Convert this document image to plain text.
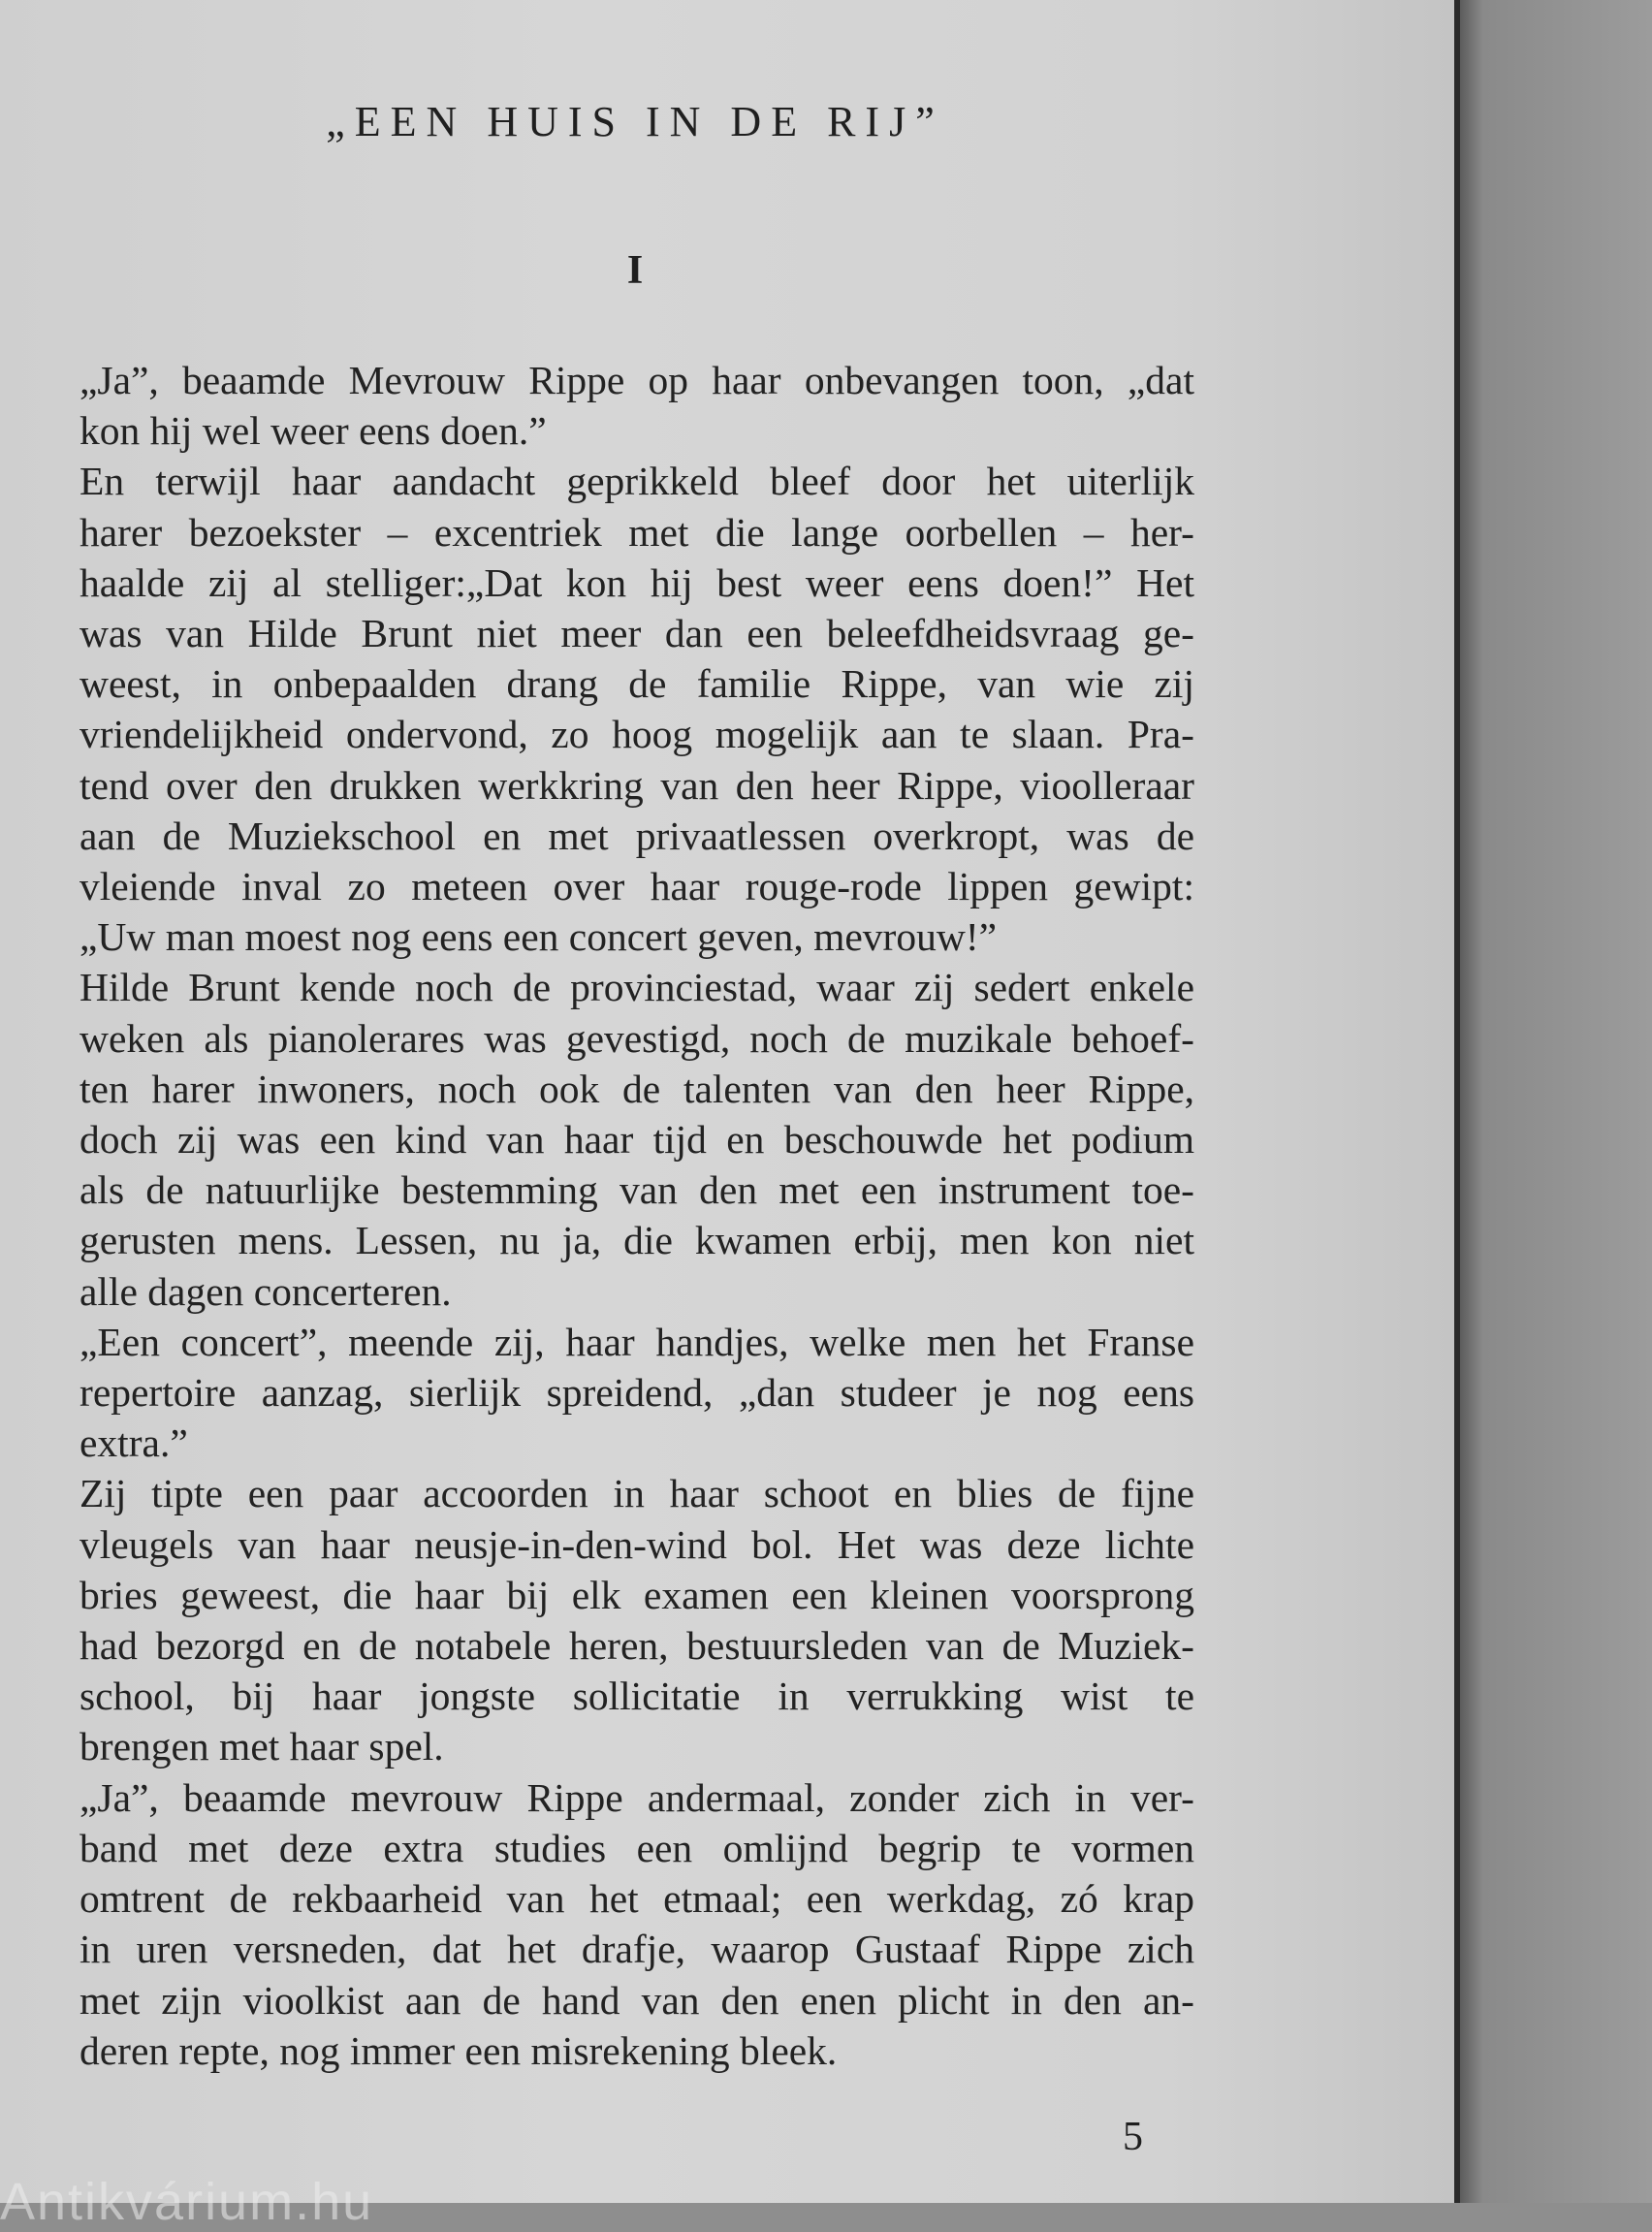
„EEN HUIS IN DE RIJ”
I
„Ja”, beaamde Mevrouw Rippe op haar onbevangen toon, „dat
kon hij wel weer eens doen.”
En terwijl haar aandacht geprikkeld bleef door het uiterlijk
harer bezoekster – excentriek met die lange oorbellen – her-
haalde zij al stelliger:„Dat kon hij best weer eens doen!” Het
was van Hilde Brunt niet meer dan een beleefdheidsvraag ge-
weest, in onbepaalden drang de familie Rippe, van wie zij
vriendelijkheid ondervond, zo hoog mogelijk aan te slaan. Pra-
tend over den drukken werkkring van den heer Rippe, vioolleraar
aan de Muziekschool en met privaatlessen overkropt, was de
vleiende inval zo meteen over haar rouge-rode lippen gewipt:
„Uw man moest nog eens een concert geven, mevrouw!”
Hilde Brunt kende noch de provinciestad, waar zij sedert enkele
weken als pianolerares was gevestigd, noch de muzikale behoef-
ten harer inwoners, noch ook de talenten van den heer Rippe,
doch zij was een kind van haar tijd en beschouwde het podium
als de natuurlijke bestemming van den met een instrument toe-
gerusten mens. Lessen, nu ja, die kwamen erbij, men kon niet
alle dagen concerteren.
„Een concert”, meende zij, haar handjes, welke men het Franse
repertoire aanzag, sierlijk spreidend, „dan studeer je nog eens
extra.”
Zij tipte een paar accoorden in haar schoot en blies de fijne
vleugels van haar neusje-in-den-wind bol. Het was deze lichte
bries geweest, die haar bij elk examen een kleinen voorsprong
had bezorgd en de notabele heren, bestuursleden van de Muziek-
school, bij haar jongste sollicitatie in verrukking wist te
brengen met haar spel.
„Ja”, beaamde mevrouw Rippe andermaal, zonder zich in ver-
band met deze extra studies een omlijnd begrip te vormen
omtrent de rekbaarheid van het etmaal; een werkdag, zó krap
in uren versneden, dat het drafje, waarop Gustaaf Rippe zich
met zijn vioolkist aan de hand van den enen plicht in den an-
deren repte, nog immer een misrekening bleek.
5
Antikvárium.hu
